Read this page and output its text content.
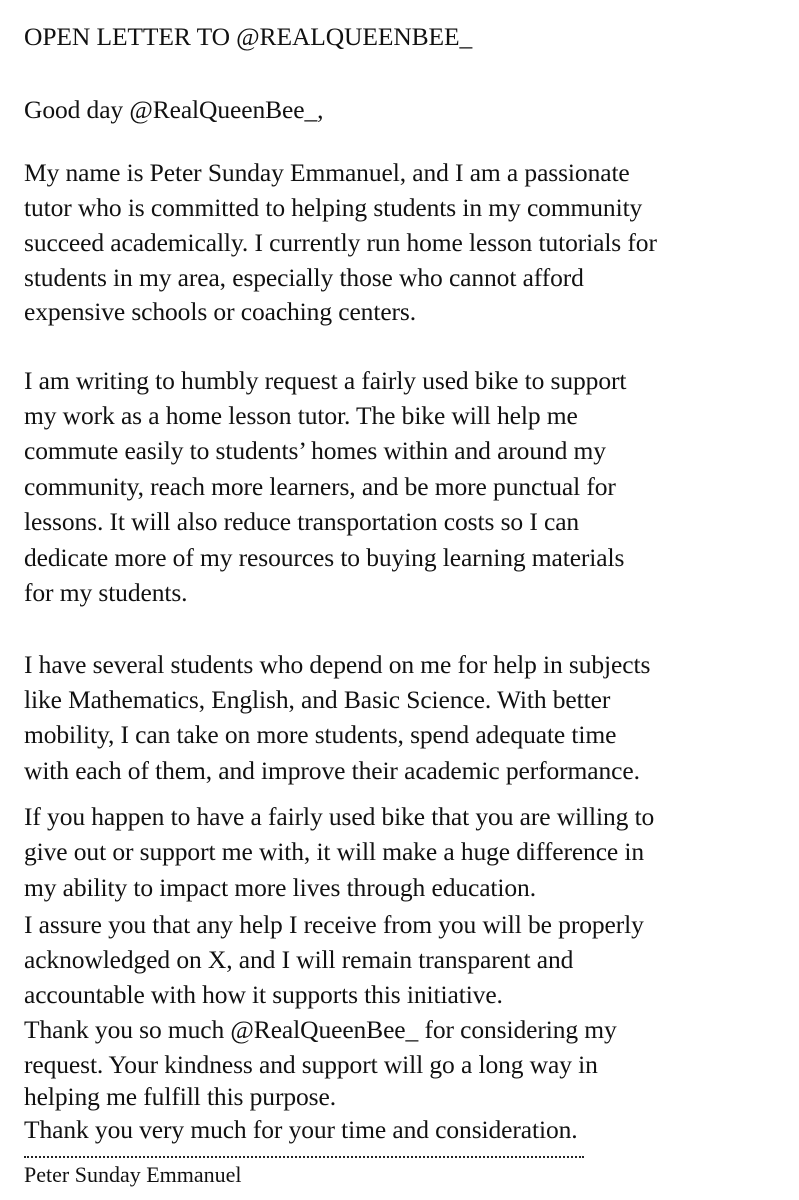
OPEN LETTER TO @REALQUEENBEE_
Good day @RealQueenBee_,
My name is Peter Sunday Emmanuel, and I am a passionate
tutor who is committed to helping students in my community
succeed academically. I currently run home lesson tutorials for
students in my area, especially those who cannot afford
expensive schools or coaching centers.
I am writing to humbly request a fairly used bike to support
my work as a home lesson tutor. The bike will help me
commute easily to students’ homes within and around my
community, reach more learners, and be more punctual for
lessons. It will also reduce transportation costs so I can
dedicate more of my resources to buying learning materials
for my students.
I have several students who depend on me for help in subjects
like Mathematics, English, and Basic Science. With better
mobility, I can take on more students, spend adequate time
with each of them, and improve their academic performance.
If you happen to have a fairly used bike that you are willing to
give out or support me with, it will make a huge difference in
my ability to impact more lives through education.
I assure you that any help I receive from you will be properly
acknowledged on X, and I will remain transparent and
accountable with how it supports this initiative.
Thank you so much @RealQueenBee_ for considering my
request. Your kindness and support will go a long way in
helping me fulfill this purpose.
Thank you very much for your time and consideration.
Peter Sunday Emmanuel
